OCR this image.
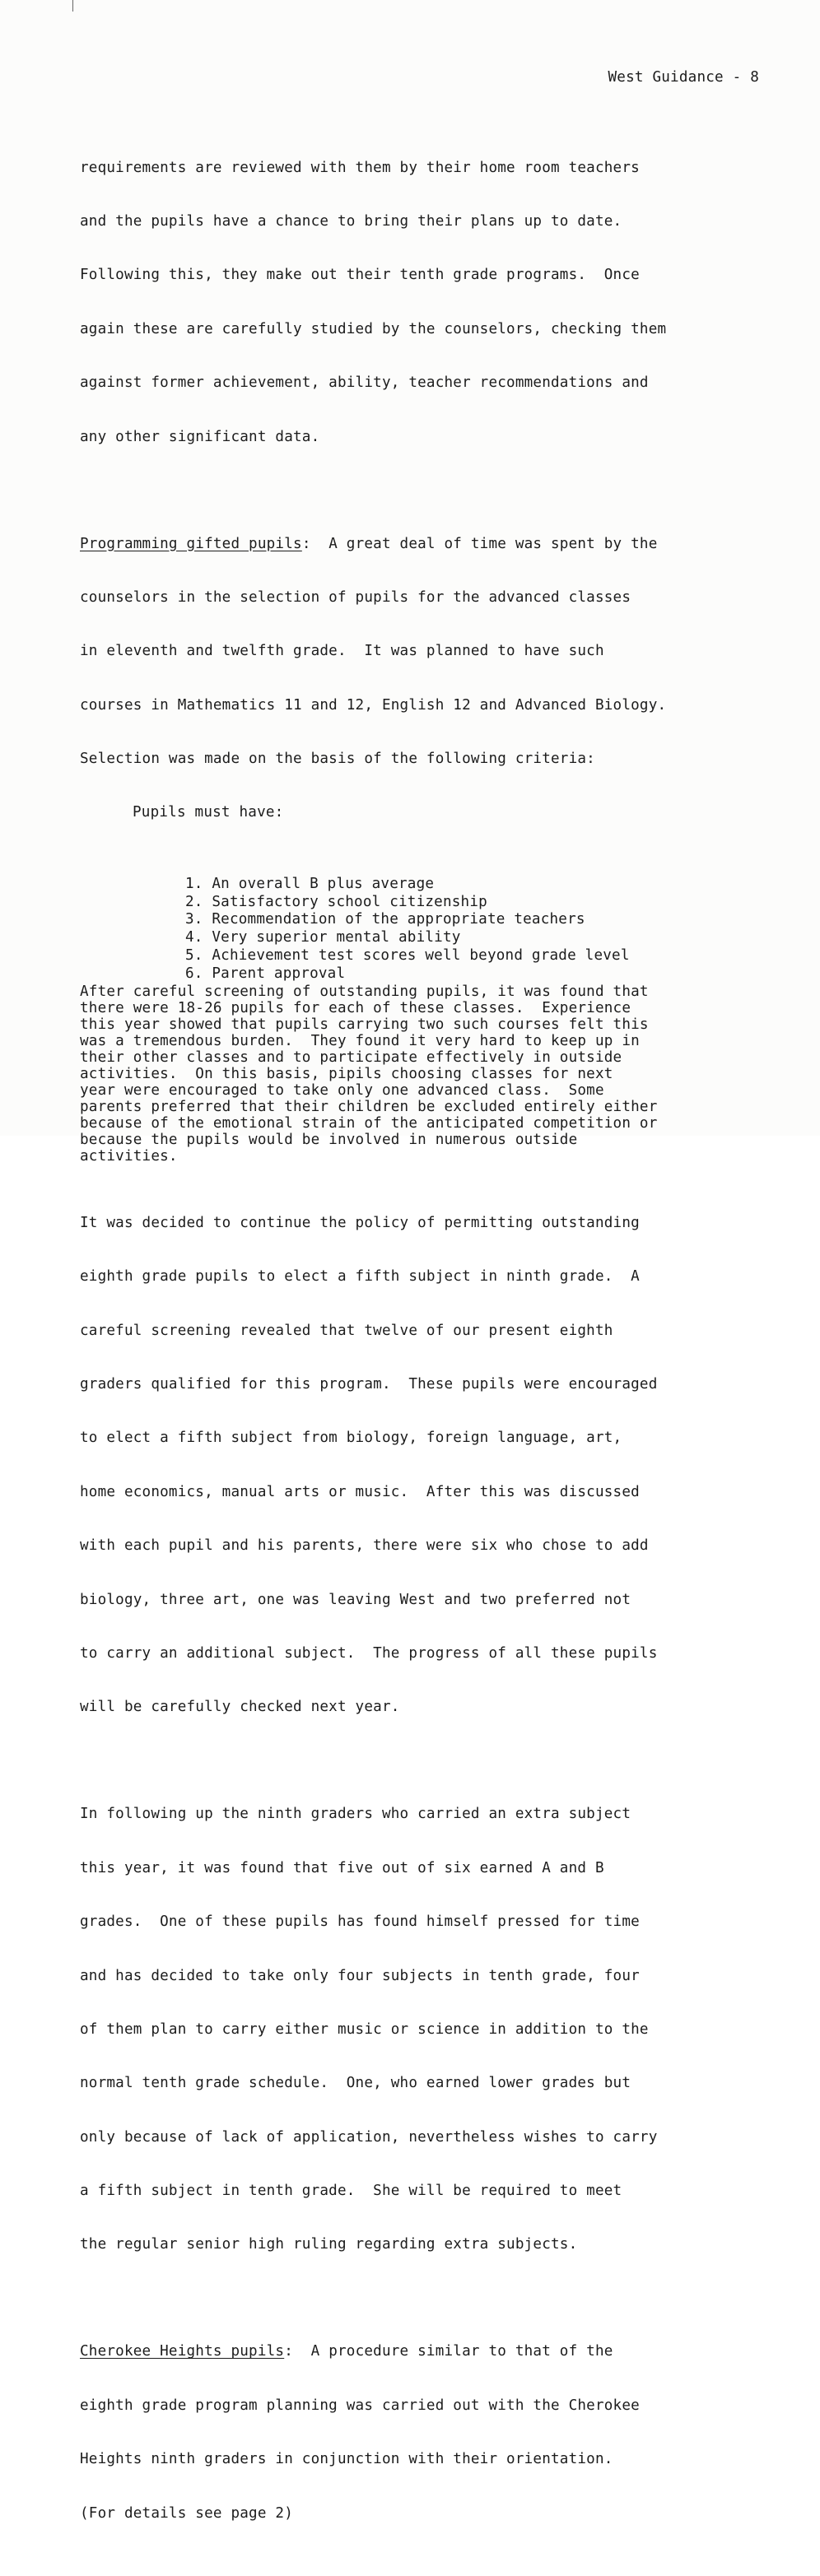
West Guidance - 8

requirements are reviewed with them by their home room teachers

and the pupils have a chance to bring their plans up to date.

Following this, they make out their tenth grade programs.  Once

again these are carefully studied by the counselors, checking them

against former achievement, ability, teacher recommendations and

any other significant data.

Programming gifted pupils:  A great deal of time was spent by the

counselors in the selection of pupils for the advanced classes

in eleventh and twelfth grade.  It was planned to have such

courses in Mathematics 11 and 12, English 12 and Advanced Biology.

Selection was made on the basis of the following criteria:

Pupils must have:

1. An overall B plus average
2. Satisfactory school citizenship
3. Recommendation of the appropriate teachers
4. Very superior mental ability
5. Achievement test scores well beyond grade level
6. Parent approval
After careful screening of outstanding pupils, it was found that
there were 18-26 pupils for each of these classes.  Experience
this year showed that pupils carrying two such courses felt this
was a tremendous burden.  They found it very hard to keep up in
their other classes and to participate effectively in outside
activities.  On this basis, pipils choosing classes for next
year were encouraged to take only one advanced class.  Some
parents preferred that their children be excluded entirely either
because of the emotional strain of the anticipated competition or
because the pupils would be involved in numerous outside
activities.

It was decided to continue the policy of permitting outstanding

eighth grade pupils to elect a fifth subject in ninth grade.  A

careful screening revealed that twelve of our present eighth

graders qualified for this program.  These pupils were encouraged

to elect a fifth subject from biology, foreign language, art,

home economics, manual arts or music.  After this was discussed

with each pupil and his parents, there were six who chose to add

biology, three art, one was leaving West and two preferred not

to carry an additional subject.  The progress of all these pupils

will be carefully checked next year.

In following up the ninth graders who carried an extra subject

this year, it was found that five out of six earned A and B

grades.  One of these pupils has found himself pressed for time

and has decided to take only four subjects in tenth grade, four

of them plan to carry either music or science in addition to the

normal tenth grade schedule.  One, who earned lower grades but

only because of lack of application, nevertheless wishes to carry

a fifth subject in tenth grade.  She will be required to meet

the regular senior high ruling regarding extra subjects.

Cherokee Heights pupils:  A procedure similar to that of the

eighth grade program planning was carried out with the Cherokee

Heights ninth graders in conjunction with their orientation.

(For details see page 2)
